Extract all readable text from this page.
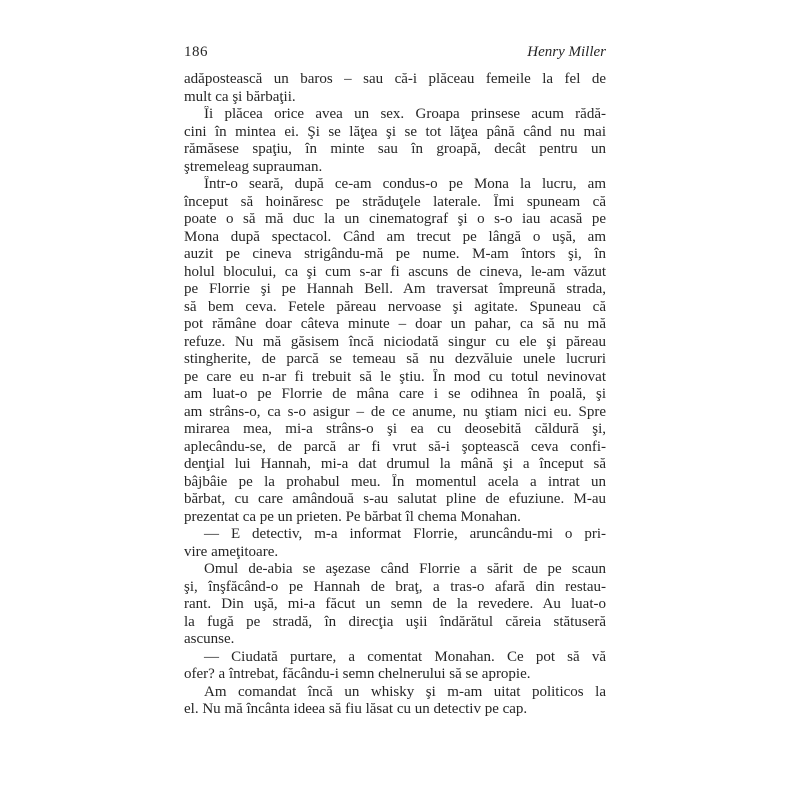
186	Henry Miller
adăpostească un baros – sau că-i plăceau femeile la fel de
mult ca şi bărbaţii.
Îi plăcea orice avea un sex. Groapa prinsese acum rădă-
cini în mintea ei. Şi se lăţea şi se tot lăţea până când nu mai
rămăsese spaţiu, în minte sau în groapă, decât pentru un
ştremeleag suprauman.
Într-o seară, după ce-am condus-o pe Mona la lucru, am
început să hoinăresc pe străduţele laterale. Îmi spuneam că
poate o să mă duc la un cinematograf şi o s-o iau acasă pe
Mona după spectacol. Când am trecut pe lângă o uşă, am
auzit pe cineva strigându-mă pe nume. M-am întors şi, în
holul blocului, ca şi cum s-ar fi ascuns de cineva, le-am văzut
pe Florrie şi pe Hannah Bell. Am traversat împreună strada,
să bem ceva. Fetele păreau nervoase şi agitate. Spuneau că
pot rămâne doar câteva minute – doar un pahar, ca să nu mă
refuze. Nu mă găsisem încă niciodată singur cu ele şi păreau
stingherite, de parcă se temeau să nu dezvăluie unele lucruri
pe care eu n-ar fi trebuit să le ştiu. În mod cu totul nevinovat
am luat-o pe Florrie de mâna care i se odihnea în poală, şi
am strâns-o, ca s-o asigur – de ce anume, nu ştiam nici eu. Spre
mirarea mea, mi-a strâns-o şi ea cu deosebită căldură şi,
aplecându-se, de parcă ar fi vrut să-i şoptească ceva confi-
denţial lui Hannah, mi-a dat drumul la mână şi a început să
bâjbâie pe la prohabul meu. În momentul acela a intrat un
bărbat, cu care amândouă s-au salutat pline de efuziune. M-au
prezentat ca pe un prieten. Pe bărbat îl chema Monahan.
— E detectiv, m-a informat Florrie, aruncându-mi o pri-
vire ameţitoare.
Omul de-abia se aşezase când Florrie a sărit de pe scaun
şi, înşfăcând-o pe Hannah de braţ, a tras-o afară din restau-
rant. Din uşă, mi-a făcut un semn de la revedere. Au luat-o
la fugă pe stradă, în direcţia uşii îndărătul căreia stătuseră
ascunse.
— Ciudată purtare, a comentat Monahan. Ce pot să vă
ofer? a întrebat, făcându-i semn chelnerului să se apropie.
Am comandat încă un whisky şi m-am uitat politicos la
el. Nu mă încânta ideea să fiu lăsat cu un detectiv pe cap.
